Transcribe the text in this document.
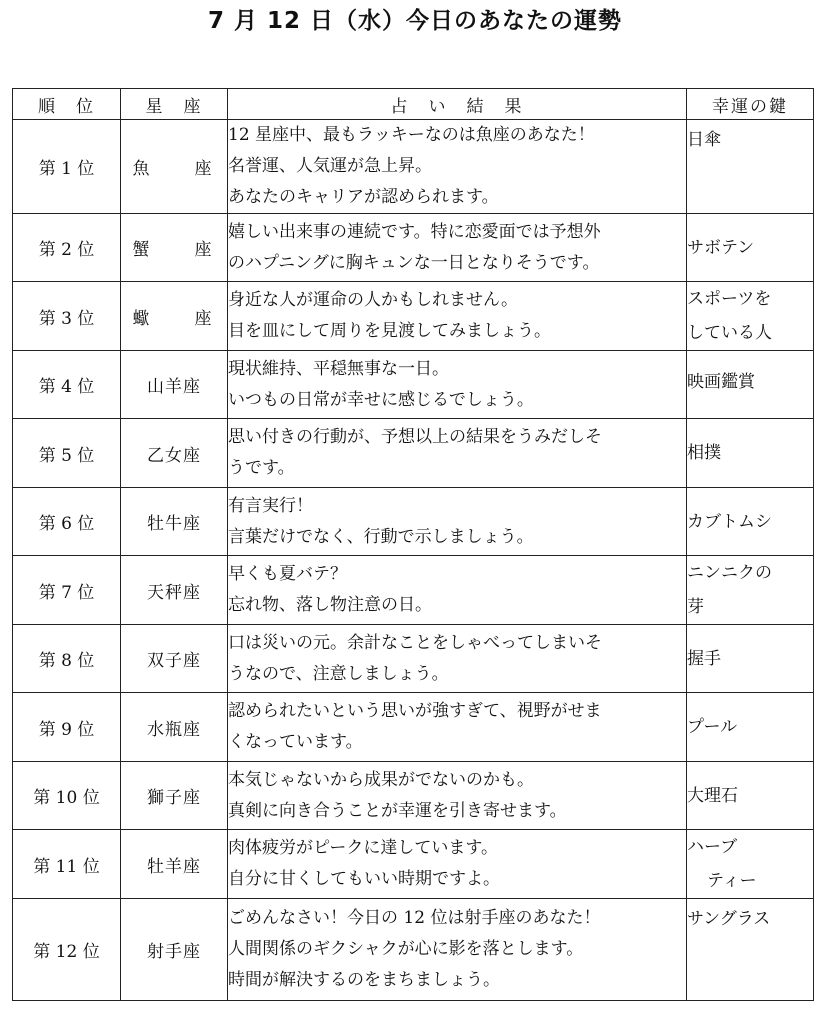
7 月 12 日（水）今日のあなたの運勢
順　位	星　座	占　い　結　果	幸運の鍵
第 1 位	魚　座	12 星座中、最もラッキーなのは魚座のあなた！
名誉運、人気運が急上昇。
あなたのキャリアが認められます。	日傘

第 2 位	蟹　座	嬉しい出来事の連続です。特に恋愛面では予想外
のハプニングに胸キュンな一日となりそうです。	サボテン

第 3 位	蠍　座	身近な人が運命の人かもしれません。
目を皿にして周りを見渡してみましょう。	スポーツを
している人

第 4 位	山羊座	現状維持、平穏無事な一日。
いつもの日常が幸せに感じるでしょう。	映画鑑賞

第 5 位	乙女座	思い付きの行動が、予想以上の結果をうみだしそ
うです。	相撲

第 6 位	牡牛座	有言実行！
言葉だけでなく、行動で示しましょう。	カブトムシ

第 7 位	天秤座	早くも夏バテ？
忘れ物、落し物注意の日。	ニンニクの
芽

第 8 位	双子座	口は災いの元。余計なことをしゃべってしまいそ
うなので、注意しましょう。	握手

第 9 位	水瓶座	認められたいという思いが強すぎて、視野がせま
くなっています。	プール

第 10 位	獅子座	本気じゃないから成果がでないのかも。
真剣に向き合うことが幸運を引き寄せます。	大理石

第 11 位	牡羊座	肉体疲労がピークに達しています。
自分に甘くしてもいい時期ですよ。	ハーブ
ティー

第 12 位	射手座	ごめんなさい！今日の 12 位は射手座のあなた！
人間関係のギクシャクが心に影を落とします。
時間が解決するのをまちましょう。	サングラス
